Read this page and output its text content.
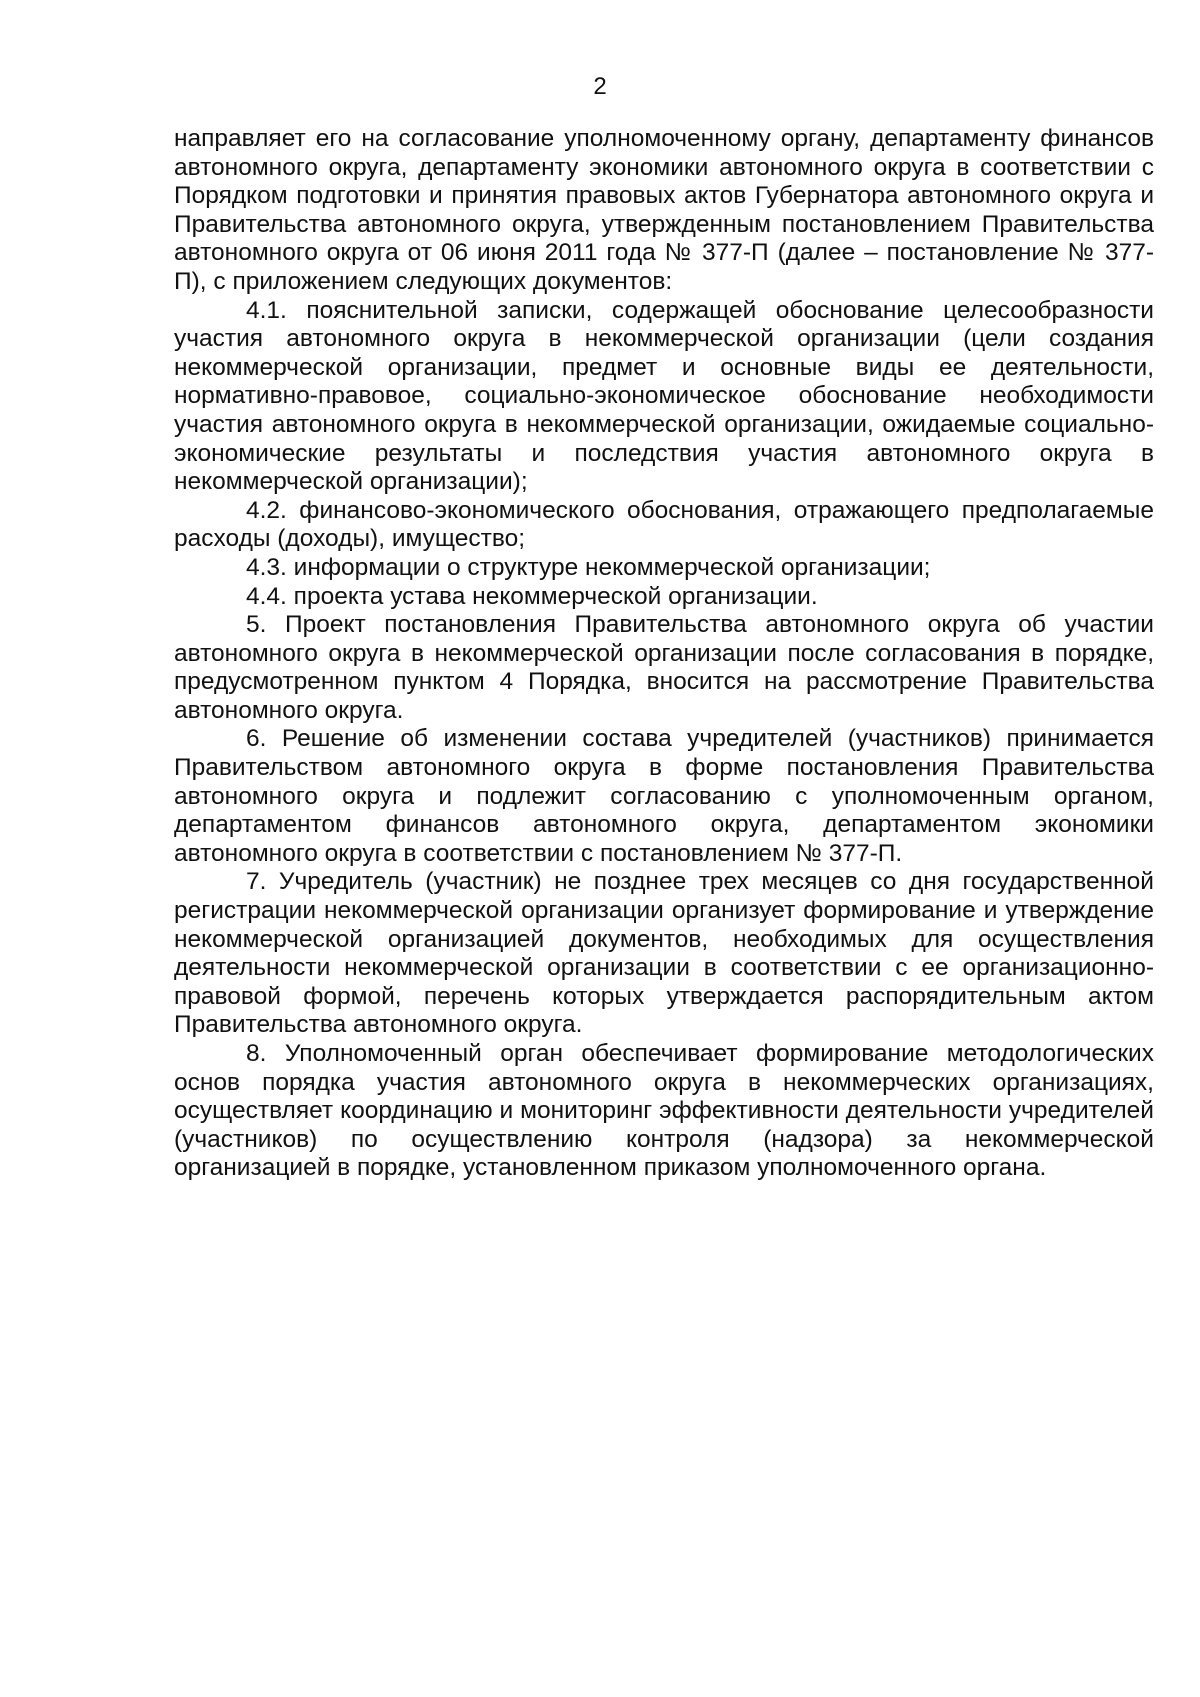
2

направляет его на согласование уполномоченному органу, департаменту финансов автономного округа, департаменту экономики автономного округа в соответствии с Порядком подготовки и принятия правовых актов Губернатора автономного округа и Правительства автономного округа, утвержденным постановлением Правительства автономного округа от 06 июня 2011 года № 377-П (далее – постановление № 377-П), с приложением следующих документов:

4.1. пояснительной записки, содержащей обоснование целесообразности участия автономного округа в некоммерческой организации (цели создания некоммерческой организации, предмет и основные виды ее деятельности, нормативно-правовое, социально-экономическое обоснование необходимости участия автономного округа в некоммерческой организации, ожидаемые социально-экономические результаты и последствия участия автономного округа в некоммерческой организации);

4.2. финансово-экономического обоснования, отражающего предполагаемые расходы (доходы), имущество;

4.3. информации о структуре некоммерческой организации;

4.4. проекта устава некоммерческой организации.

5. Проект постановления Правительства автономного округа об участии автономного округа в некоммерческой организации после согласования в порядке, предусмотренном пунктом 4 Порядка, вносится на рассмотрение Правительства автономного округа.

6. Решение об изменении состава учредителей (участников) принимается Правительством автономного округа в форме постановления Правительства автономного округа и подлежит согласованию с уполномоченным органом, департаментом финансов автономного округа, департаментом экономики автономного округа в соответствии с постановлением № 377-П.

7. Учредитель (участник) не позднее трех месяцев со дня государственной регистрации некоммерческой организации организует формирование и утверждение некоммерческой организацией документов, необходимых для осуществления деятельности некоммерческой организации в соответствии с ее организационно-правовой формой, перечень которых утверждается распорядительным актом Правительства автономного округа.

8. Уполномоченный орган обеспечивает формирование методологических основ порядка участия автономного округа в некоммерческих организациях, осуществляет координацию и мониторинг эффективности деятельности учредителей (участников) по осуществлению контроля (надзора) за некоммерческой организацией в порядке, установленном приказом уполномоченного органа.
